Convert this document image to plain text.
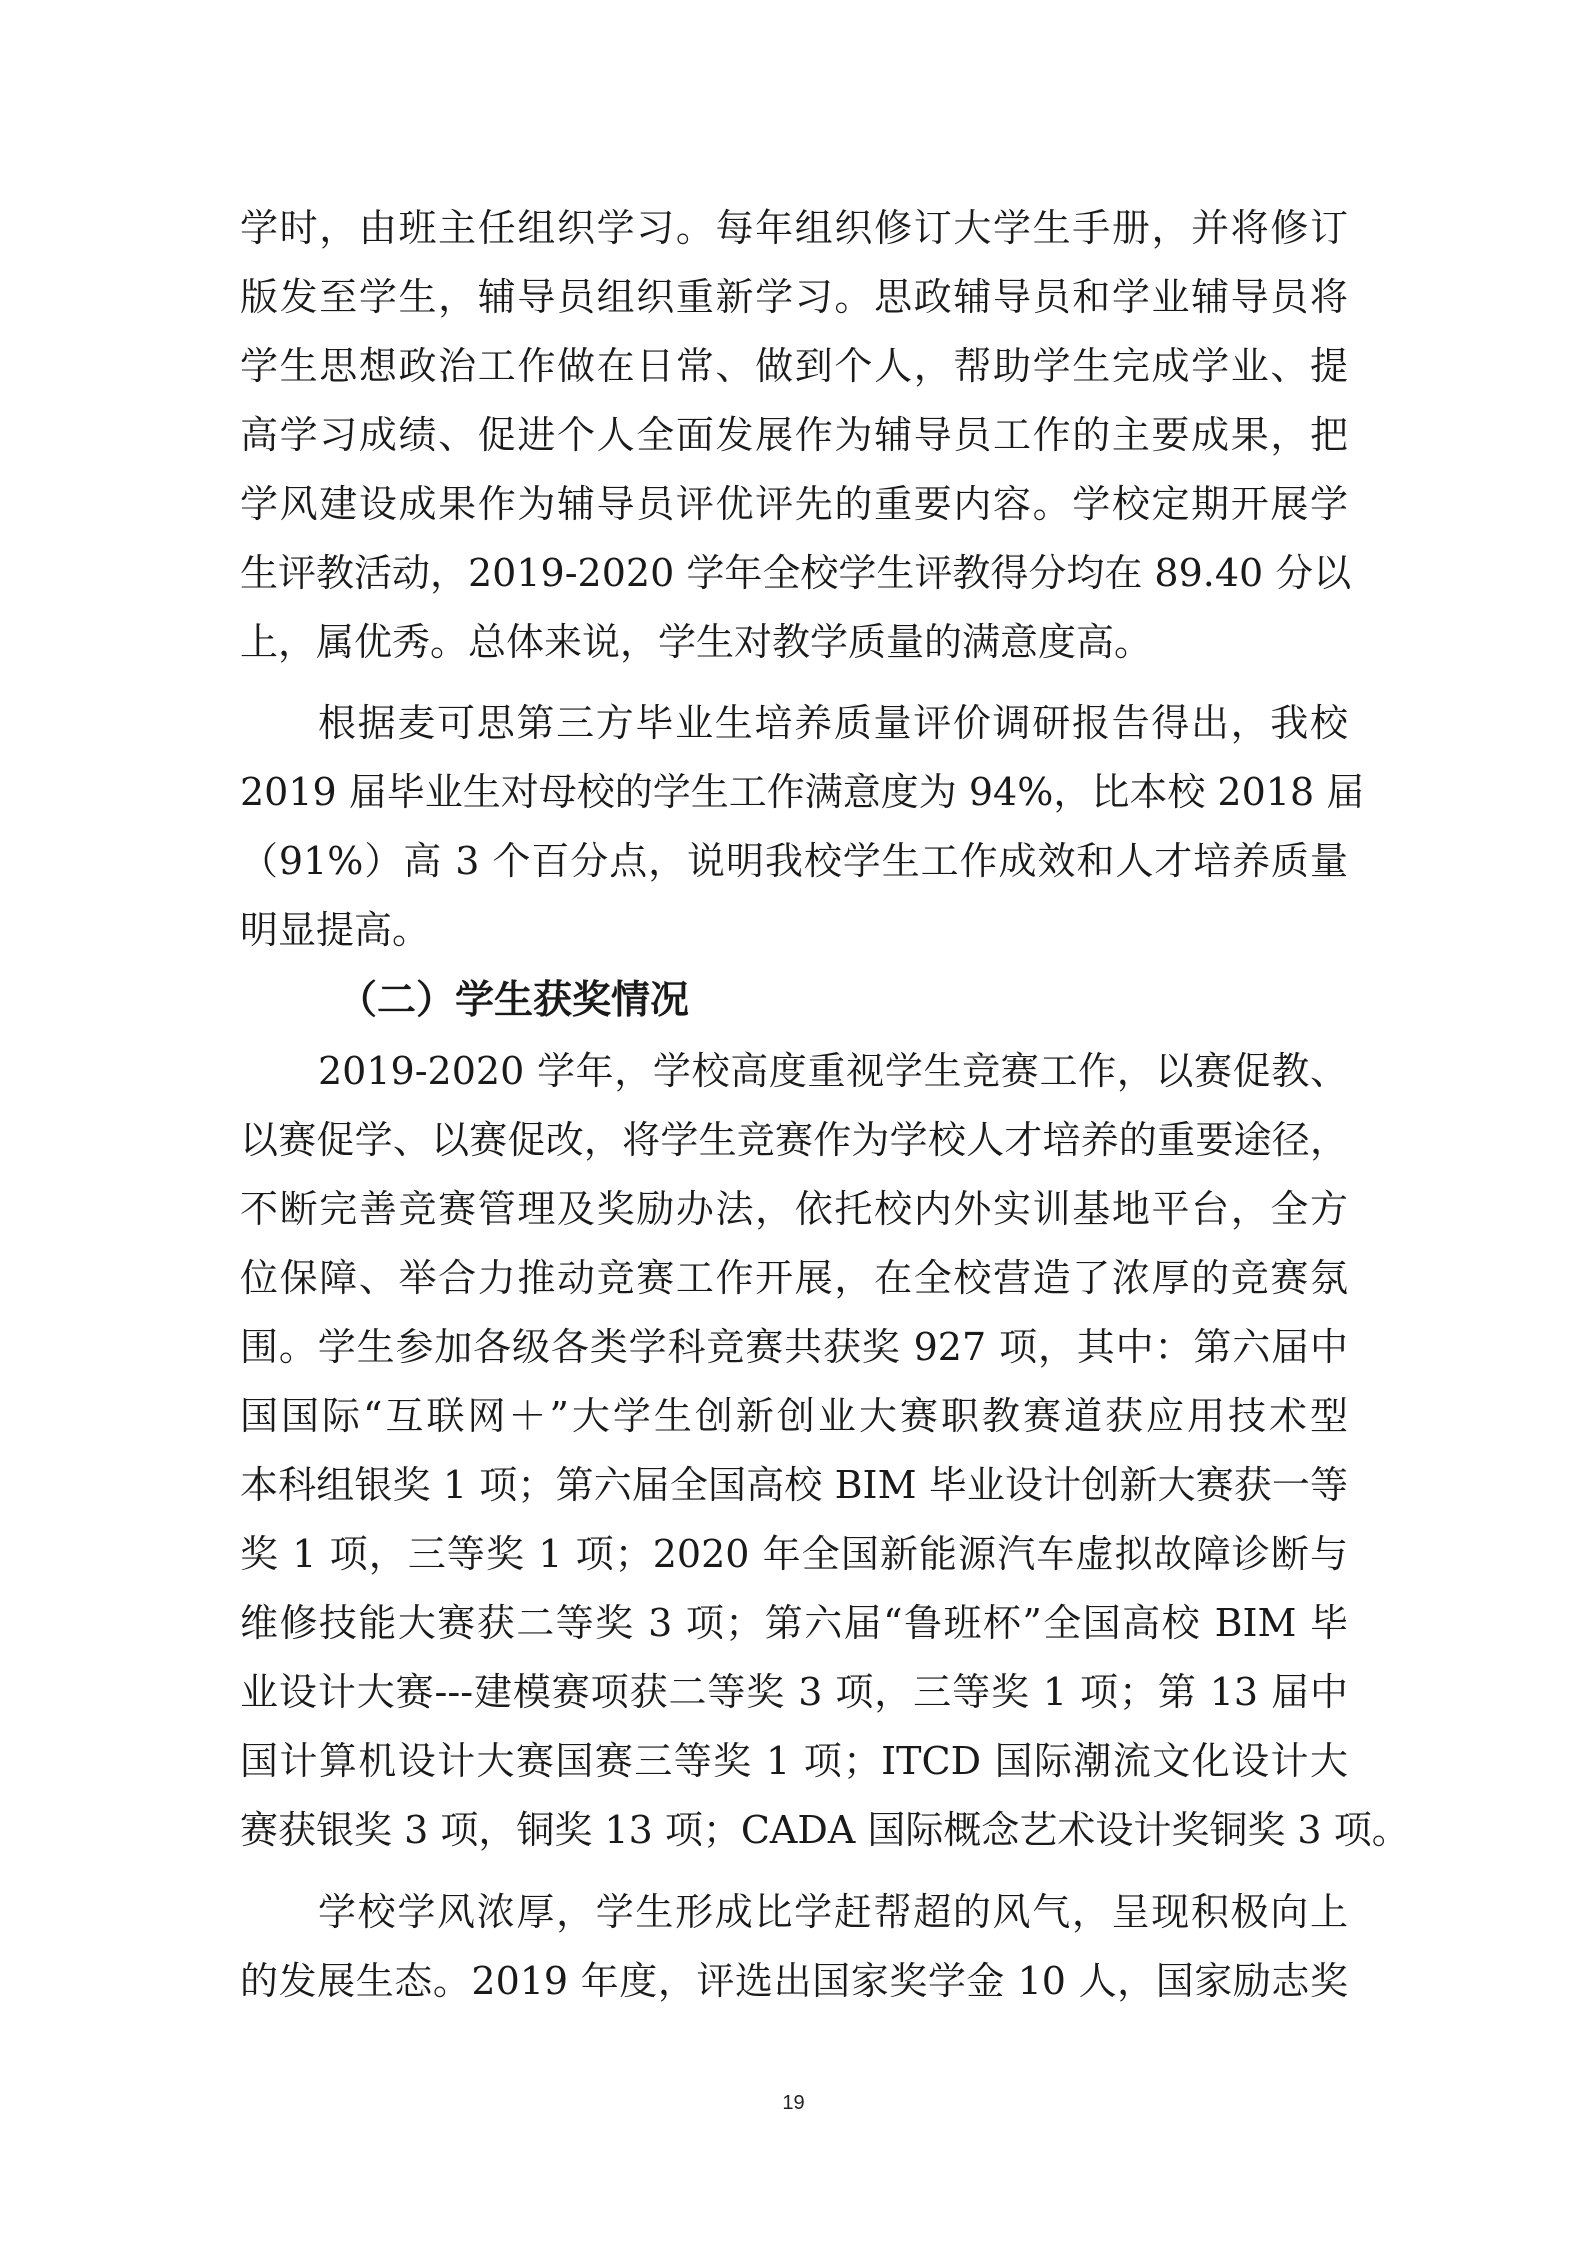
学时，由班主任组织学习。每年组织修订大学生手册，并将修订
版发至学生，辅导员组织重新学习。思政辅导员和学业辅导员将
学生思想政治工作做在日常、做到个人，帮助学生完成学业、提
高学习成绩、促进个人全面发展作为辅导员工作的主要成果，把
学风建设成果作为辅导员评优评先的重要内容。学校定期开展学
生评教活动，2019-2020 学年全校学生评教得分均在 89.40 分以
上，属优秀。总体来说，学生对教学质量的满意度高。
根据麦可思第三方毕业生培养质量评价调研报告得出，我校
2019 届毕业生对母校的学生工作满意度为 94%，比本校 2018 届
（91%）高 3 个百分点，说明我校学生工作成效和人才培养质量
明显提高。
（二）学生获奖情况
2019-2020 学年，学校高度重视学生竞赛工作，以赛促教、
以赛促学、以赛促改，将学生竞赛作为学校人才培养的重要途径，
不断完善竞赛管理及奖励办法，依托校内外实训基地平台，全方
位保障、举合力推动竞赛工作开展，在全校营造了浓厚的竞赛氛
围。学生参加各级各类学科竞赛共获奖 927 项，其中：第六届中
国国际“互联网＋”大学生创新创业大赛职教赛道获应用技术型
本科组银奖 1 项；第六届全国高校 BIM 毕业设计创新大赛获一等
奖 1 项，三等奖 1 项；2020 年全国新能源汽车虚拟故障诊断与
维修技能大赛获二等奖 3 项；第六届“鲁班杯”全国高校 BIM 毕
业设计大赛---建模赛项获二等奖 3 项，三等奖 1 项；第 13 届中
国计算机设计大赛国赛三等奖 1 项；ITCD 国际潮流文化设计大
赛获银奖 3 项，铜奖 13 项；CADA 国际概念艺术设计奖铜奖 3 项。
学校学风浓厚，学生形成比学赶帮超的风气，呈现积极向上
的发展生态。2019 年度，评选出国家奖学金 10 人，国家励志奖
19
